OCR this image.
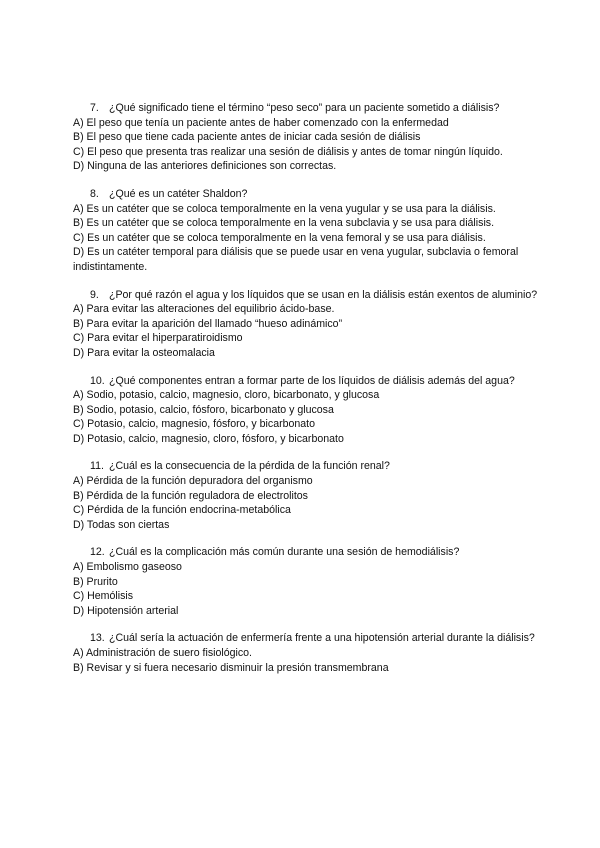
7. ¿Qué significado tiene el término “peso seco” para un paciente sometido a diálisis?
A) El peso que tenía un paciente antes de haber comenzado con la enfermedad
B) El peso que tiene cada paciente antes de iniciar cada sesión de diálisis
C) El peso que presenta tras realizar una sesión de diálisis y antes de tomar ningún líquido.
D) Ninguna de las anteriores definiciones son correctas.
8. ¿Qué es un catéter Shaldon?
A) Es un catéter que se coloca temporalmente en la vena yugular y se usa para la diálisis.
B) Es un catéter que se coloca temporalmente en la vena subclavia y se usa para diálisis.
C) Es un catéter que se coloca temporalmente en la vena femoral y se usa para diálisis.
D) Es un catéter temporal para diálisis que se puede usar en vena yugular, subclavia o femoral indistintamente.
9. ¿Por qué razón el agua y los líquidos que se usan en la diálisis están exentos de aluminio?
A) Para evitar las alteraciones del equilibrio ácido-base.
B) Para evitar la aparición del llamado “hueso adinámico”
C) Para evitar el hiperparatiroidismo
D) Para evitar la osteomalacia
10. ¿Qué componentes entran a formar parte de los líquidos de diálisis además del agua?
A) Sodio, potasio, calcio, magnesio, cloro, bicarbonato, y glucosa
B) Sodio, potasio, calcio, fósforo, bicarbonato y glucosa
C) Potasio, calcio, magnesio, fósforo, y bicarbonato
D) Potasio, calcio, magnesio, cloro, fósforo, y bicarbonato
11. ¿Cuál es la consecuencia de la pérdida de la función renal?
A) Pérdida de la función depuradora del organismo
B) Pérdida de la función reguladora de electrolitos
C) Pérdida de la función endocrina-metabólica
D) Todas son ciertas
12. ¿Cuál es la complicación más común durante una sesión de hemodiálisis?
A) Embolismo gaseoso
B) Prurito
C) Hemólisis
D) Hipotensión arterial
13. ¿Cuál sería la actuación de enfermería frente a una hipotensión arterial durante la diálisis?
A) Administración de suero fisiológico.
B) Revisar y si fuera necesario disminuir la presión transmembrana
